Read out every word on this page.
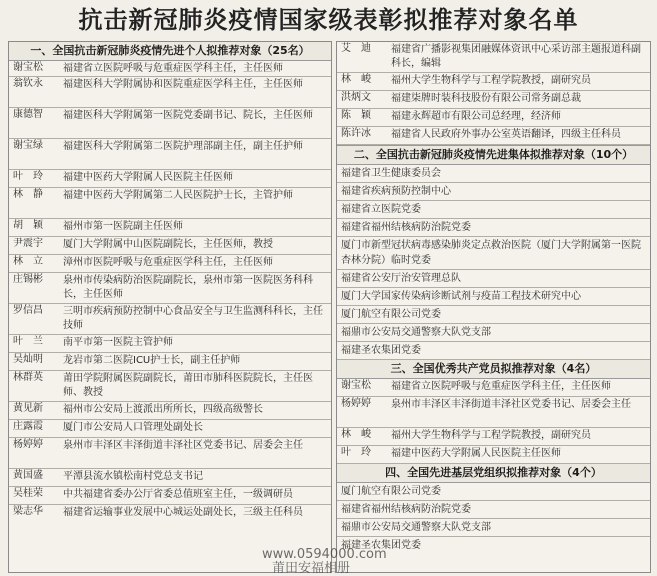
抗击新冠肺炎疫情国家级表彰拟推荐对象名单
一、全国抗击新冠肺炎疫情先进个人拟推荐对象（25名）
谢宝松	福建省立医院呼吸与危重症医学科主任，主任医师
翁钦永	福建医科大学附属协和医院重症医学科主任，主任医师
康德智	福建医科大学附属第一医院党委副书记、院长，主任医师
谢宝绿	福建医科大学附属第二医院护理部副主任，副主任护师
叶　玲	福建中医药大学附属人民医院主任医师
林　静	福建中医药大学附属第二人民医院护士长，主管护师
胡　颖	福州市第一医院副主任医师
尹震宇	厦门大学附属中山医院副院长，主任医师，教授
林　立	漳州市医院呼吸与危重症医学科主任，主任医师
庄锡彬	泉州市传染病防治医院副院长，泉州市第一医院医务科科长，主任医师
罗信昌	三明市疾病预防控制中心食品安全与卫生监测科科长，主任技师
叶　兰	南平市第一医院主管护师
吴灿明	龙岩市第二医院ICU护士长，副主任护师
林群英	莆田学院附属医院副院长，莆田市肺科医院院长，主任医师、教授
黄见新	福州市公安局上渡派出所所长，四级高级警长
庄露霞	厦门市公安局人口管理处副处长
杨婷婷	泉州市丰泽区丰泽街道丰泽社区党委书记、居委会主任
黄国盛	平潭县流水镇松南村党总支书记
吴桂荣	中共福建省委办公厅省委总值班室主任，一级调研员
梁志华	福建省运输事业发展中心城运处副处长，三级主任科员
艾　迪	福建省广播影视集团融媒体资讯中心采访部主题报道科副科长，编辑
林　峻	福州大学生物科学与工程学院教授，副研究员
洪炳文	福建柒牌时装科技股份有限公司常务副总裁
陈　颖	福建永辉超市有限公司总经理，经济师
陈许冰	福建省人民政府外事办公室英语翻译，四级主任科员
二、全国抗击新冠肺炎疫情先进集体拟推荐对象（10个）
福建省卫生健康委员会
福建省疾病预防控制中心
福建省立医院党委
福建省福州结核病防治院党委
厦门市新型冠状病毒感染肺炎定点救治医院（厦门大学附属第一医院杏林分院）临时党委
福建省公安厅治安管理总队
厦门大学国家传染病诊断试剂与疫苗工程技术研究中心
厦门航空有限公司党委
福鼎市公安局交通警察大队党支部
福建圣农集团党委
三、全国优秀共产党员拟推荐对象（4名）
谢宝松	福建省立医院呼吸与危重症医学科主任，主任医师
杨婷婷	泉州市丰泽区丰泽街道丰泽社区党委书记、居委会主任
林　峻	福州大学生物科学与工程学院教授，副研究员
叶　玲	福建中医药大学附属人民医院主任医师
四、全国先进基层党组织拟推荐对象（4个）
厦门航空有限公司党委
福建省福州结核病防治院党委
福鼎市公安局交通警察大队党支部
福建圣农集团党委
www.0594000.com
莆田安福相册
